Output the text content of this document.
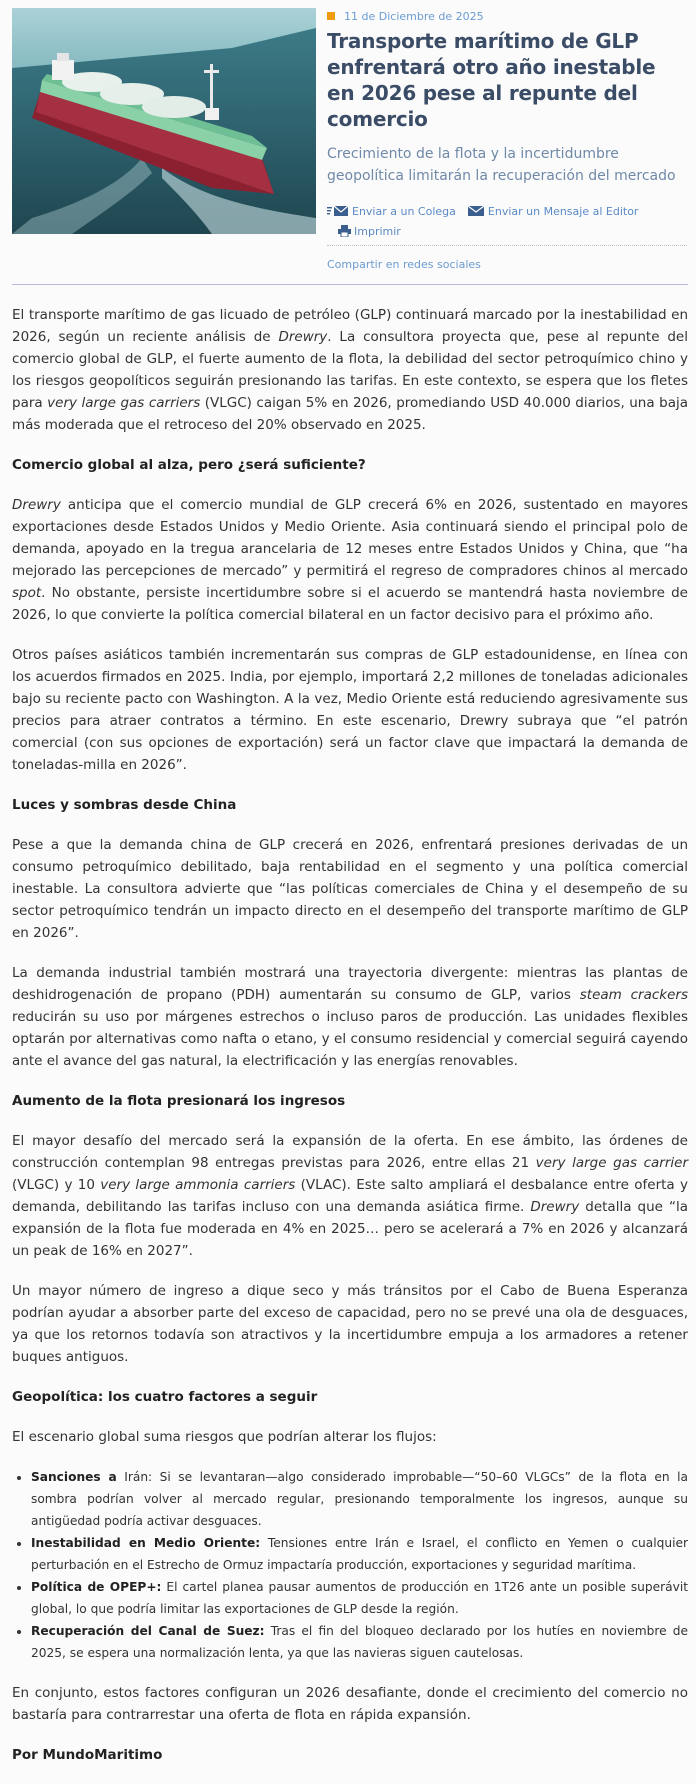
11 de Diciembre de 2025
Transporte marítimo de GLP enfrentará otro año inestable en 2026 pese al repunte del comercio
Crecimiento de la flota y la incertidumbre geopolítica limitarán la recuperación del mercado
Enviar a un Colega	Enviar un Mensaje al Editor
Imprimir
Compartir en redes sociales

El transporte marítimo de gas licuado de petróleo (GLP) continuará marcado por la inestabilidad en 2026, según un reciente análisis de Drewry. La consultora proyecta que, pese al repunte del comercio global de GLP, el fuerte aumento de la flota, la debilidad del sector petroquímico chino y los riesgos geopolíticos seguirán presionando las tarifas. En este contexto, se espera que los fletes para very large gas carriers (VLGC) caigan 5% en 2026, promediando USD 40.000 diarios, una baja más moderada que el retroceso del 20% observado en 2025.

Comercio global al alza, pero ¿será suficiente?

Drewry anticipa que el comercio mundial de GLP crecerá 6% en 2026, sustentado en mayores exportaciones desde Estados Unidos y Medio Oriente. Asia continuará siendo el principal polo de demanda, apoyado en la tregua arancelaria de 12 meses entre Estados Unidos y China, que “ha mejorado las percepciones de mercado” y permitirá el regreso de compradores chinos al mercado spot. No obstante, persiste incertidumbre sobre si el acuerdo se mantendrá hasta noviembre de 2026, lo que convierte la política comercial bilateral en un factor decisivo para el próximo año.

Otros países asiáticos también incrementarán sus compras de GLP estadounidense, en línea con los acuerdos firmados en 2025. India, por ejemplo, importará 2,2 millones de toneladas adicionales bajo su reciente pacto con Washington. A la vez, Medio Oriente está reduciendo agresivamente sus precios para atraer contratos a término. En este escenario, Drewry subraya que “el patrón comercial (con sus opciones de exportación) será un factor clave que impactará la demanda de toneladas-milla en 2026”.

Luces y sombras desde China

Pese a que la demanda china de GLP crecerá en 2026, enfrentará presiones derivadas de un consumo petroquímico debilitado, baja rentabilidad en el segmento y una política comercial inestable. La consultora advierte que “las políticas comerciales de China y el desempeño de su sector petroquímico tendrán un impacto directo en el desempeño del transporte marítimo de GLP en 2026”.

La demanda industrial también mostrará una trayectoria divergente: mientras las plantas de deshidrogenación de propano (PDH) aumentarán su consumo de GLP, varios steam crackers reducirán su uso por márgenes estrechos o incluso paros de producción. Las unidades flexibles optarán por alternativas como nafta o etano, y el consumo residencial y comercial seguirá cayendo ante el avance del gas natural, la electrificación y las energías renovables.

Aumento de la flota presionará los ingresos

El mayor desafío del mercado será la expansión de la oferta. En ese ámbito, las órdenes de construcción contemplan 98 entregas previstas para 2026, entre ellas 21 very large gas carrier (VLGC) y 10 very large ammonia carriers (VLAC). Este salto ampliará el desbalance entre oferta y demanda, debilitando las tarifas incluso con una demanda asiática firme. Drewry detalla que “la expansión de la flota fue moderada en 4% en 2025… pero se acelerará a 7% en 2026 y alcanzará un peak de 16% en 2027”.

Un mayor número de ingreso a dique seco y más tránsitos por el Cabo de Buena Esperanza podrían ayudar a absorber parte del exceso de capacidad, pero no se prevé una ola de desguaces, ya que los retornos todavía son atractivos y la incertidumbre empuja a los armadores a retener buques antiguos.

Geopolítica: los cuatro factores a seguir

El escenario global suma riesgos que podrían alterar los flujos:

• Sanciones a Irán: Si se levantaran—algo considerado improbable—“50–60 VLGCs” de la flota en la sombra podrían volver al mercado regular, presionando temporalmente los ingresos, aunque su antigüedad podría activar desguaces.
• Inestabilidad en Medio Oriente: Tensiones entre Irán e Israel, el conflicto en Yemen o cualquier perturbación en el Estrecho de Ormuz impactaría producción, exportaciones y seguridad marítima.
• Política de OPEP+: El cartel planea pausar aumentos de producción en 1T26 ante un posible superávit global, lo que podría limitar las exportaciones de GLP desde la región.
• Recuperación del Canal de Suez: Tras el fin del bloqueo declarado por los hutíes en noviembre de 2025, se espera una normalización lenta, ya que las navieras siguen cautelosas.

En conjunto, estos factores configuran un 2026 desafiante, donde el crecimiento del comercio no bastaría para contrarrestar una oferta de flota en rápida expansión.

Por MundoMaritimo
